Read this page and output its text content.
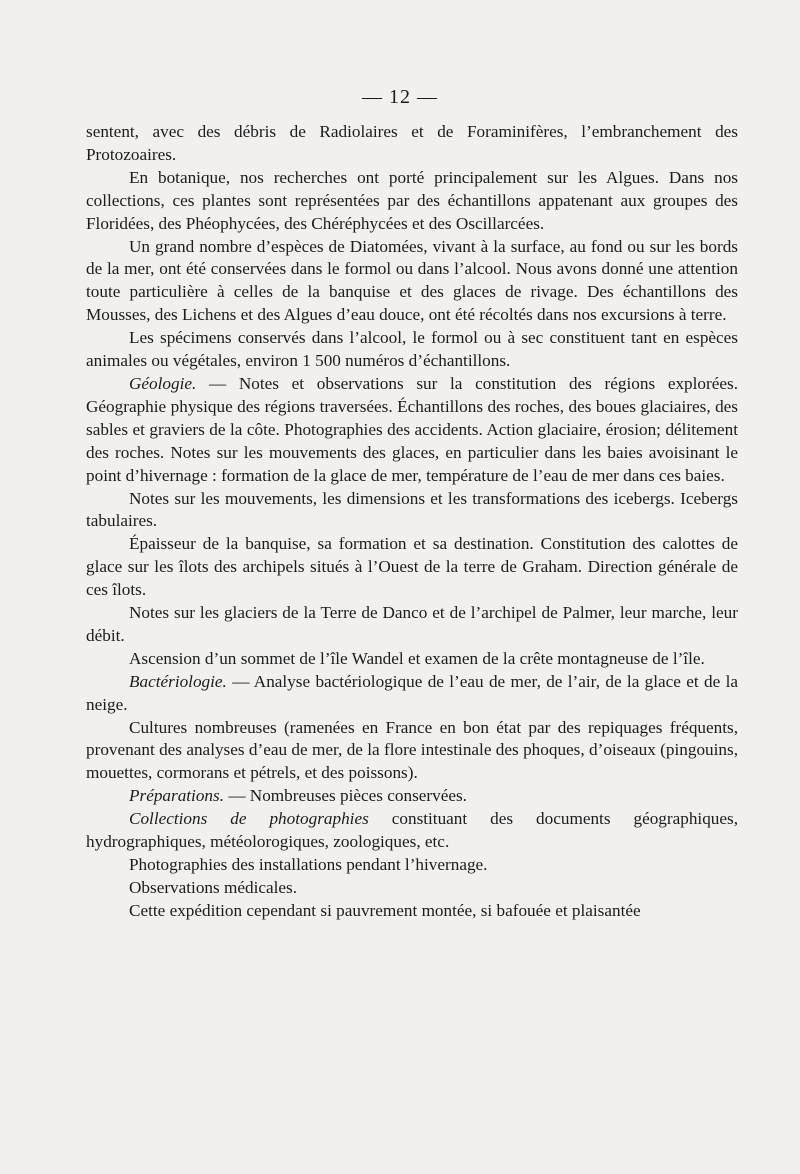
— 12 —

sentent, avec des débris de Radiolaires et de Foraminifères, l’embranchement des Protozoaires.

En botanique, nos recherches ont porté principalement sur les Algues. Dans nos collections, ces plantes sont représentées par des échantillons appatenant aux groupes des Floridées, des Phéophycées, des Chéréphycées et des Oscillarcées.

Un grand nombre d’espèces de Diatomées, vivant à la surface, au fond ou sur les bords de la mer, ont été conservées dans le formol ou dans l’alcool. Nous avons donné une attention toute particulière à celles de la banquise et des glaces de rivage. Des échantillons des Mousses, des Lichens et des Algues d’eau douce, ont été récoltés dans nos excursions à terre.

Les spécimens conservés dans l’alcool, le formol ou à sec constituent tant en espèces animales ou végétales, environ 1 500 numéros d’échantillons.

Géologie. — Notes et observations sur la constitution des régions explorées. Géographie physique des régions traversées. Échantillons des roches, des boues glaciaires, des sables et graviers de la côte. Photographies des accidents. Action glaciaire, érosion; délitement des roches. Notes sur les mouvements des glaces, en particulier dans les baies avoisinant le point d’hivernage : formation de la glace de mer, température de l’eau de mer dans ces baies.

Notes sur les mouvements, les dimensions et les transformations des icebergs. Icebergs tabulaires.

Épaisseur de la banquise, sa formation et sa destination. Constitution des calottes de glace sur les îlots des archipels situés à l’Ouest de la terre de Graham. Direction générale de ces îlots.

Notes sur les glaciers de la Terre de Danco et de l’archipel de Palmer, leur marche, leur débit.

Ascension d’un sommet de l’île Wandel et examen de la crête montagneuse de l’île.

Bactériologie. — Analyse bactériologique de l’eau de mer, de l’air, de la glace et de la neige.

Cultures nombreuses (ramenées en France en bon état par des repiquages fréquents, provenant des analyses d’eau de mer, de la flore intestinale des phoques, d’oiseaux (pingouins, mouettes, cormorans et pétrels, et des poissons).

Préparations. — Nombreuses pièces conservées.

Collections de photographies constituant des documents géographiques, hydrographiques, météolorogiques, zoologiques, etc.

Photographies des installations pendant l’hivernage.

Observations médicales.

Cette expédition cependant si pauvrement montée, si bafouée et plaisantée
